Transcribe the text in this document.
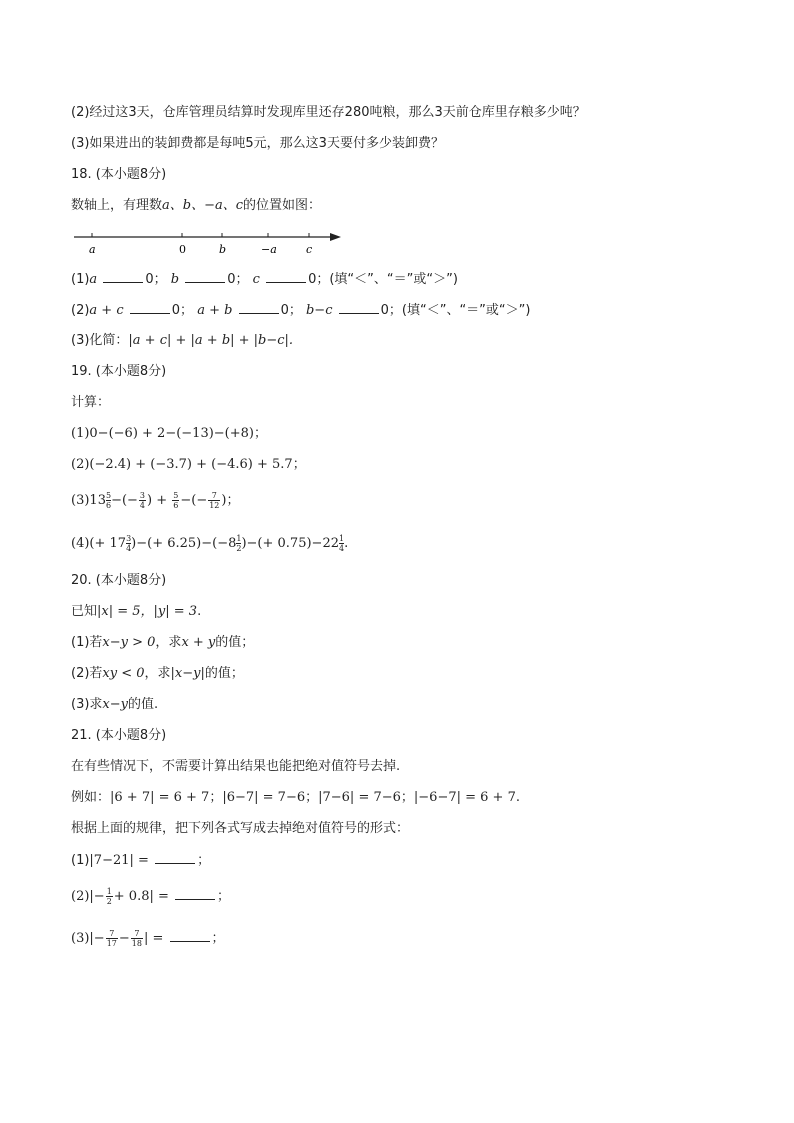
(2)经过这3天，仓库管理员结算时发现库里还存280吨粮，那么3天前仓库里存粮多少吨？
(3)如果进出的装卸费都是每吨5元，那么这3天要付多少装卸费？
18. (本小题8分)
数轴上，有理数a、b、−a、c的位置如图：
a	0	b	−a	c
(1)a	0； b	0； c	0；(填“＜”、“＝”或“＞”)
(2)a + c	0； a + b	0； b−c	0；(填“＜”、“＝”或“＞”)
(3)化简：|a + c| + |a + b| + |b−c|.
19. (本小题8分)
计算：
(1)0−(−6) + 2−(−13)−(+8)；
(2)(−2.4) + (−3.7) + (−4.6) + 5.7；
$(3)13 \frac{5}{6}$ −(− $\frac{3}{4}$ ) + $\frac{5}{6}$ −(− $\frac{7}{12}$ )；
$(4)(+ 17 \frac{3}{4}$ )−(+ $6.25)-(-8 \frac{1}{2}$ )−(+ $0.75)-22 \frac{1}{4}$ .
20. (本小题8分)
已知|x| = 5，|y| = 3.
(1)若x−y > 0，求x + y的值；
(2)若xy < 0，求|x−y|的值；
(3)求x−y的值.
21. (本小题8分)
在有些情况下，不需要计算出结果也能把绝对值符号去掉.
例如：|6 + 7| = 6 + 7；|6−7| = 7−6；|7−6| = 7−6；|−6−7| = 6 + 7.
根据上面的规律，把下列各式写成去掉绝对值符号的形式：
(1)|7−21| =	；
$(2)|- \frac{1}{2} + 0.8|$ =	；
$(3)|- \frac{7}{17} - \frac{7}{18}$ | =	；
